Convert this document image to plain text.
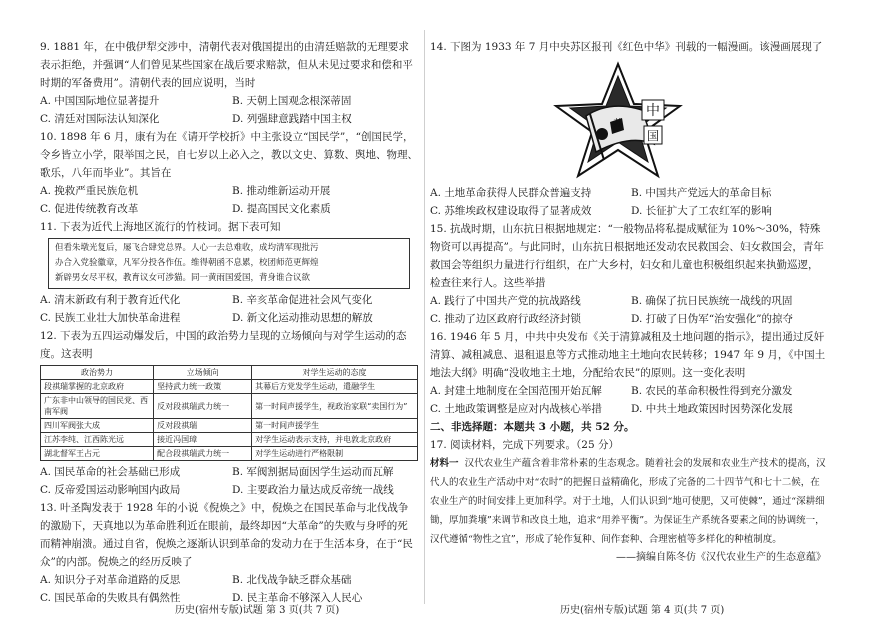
9. 1881 年，在中俄伊犁交涉中，清朝代表对俄国提出的由清廷赔款的无理要求表示拒绝，并强调“人们曾见某些国家在战后要求赔款，但从未见过要求和偿和平时期的军备费用”。清朝代表的回应说明，当时

A. 中国国际地位显著提升	B. 天朝上国观念根深蒂固
C. 清廷对国际法认知深化	D. 列强肆意践踏中国主权

10. 1898 年 6 月，康有为在《请开学校折》中主张设立“国民学”，“创国民学，令乡皆立小学，限举国之民，自七岁以上必入之，教以文史、算数、舆地、物理、歌乐，八年而毕业”。其旨在

A. 挽救严重民族危机	B. 推动维新运动开展
C. 促进传统教育改革	D. 提高国民文化素质

11. 下表为近代上海地区流行的竹枝词。据下表可知

但看朱墩光复后，屡飞合肆党总界。人心一去总难收，成均清军现批污
办合入党验徽章，凡军分投各作伍。维得朝函不息累，校团师范更辉煌
新辟男女尽平权，教育议女可涉猫。同一黄雨国爱国，背身谁合议欲
A. 清末新政有利于教育近代化	B. 辛亥革命促进社会风气变化
C. 民族工业壮大加快革命进程	D. 新文化运动推动思想的解放

12. 下表为五四运动爆发后，中国的政治势力呈现的立场倾向与对学生运动的态度。这表明

政治势力	立场倾向	对学生运动的态度
段祺瑞掌握的北京政府	坚持武力统一政策	其幕后方党发学生运动，遣融学生
广东非中山领导的国民党、西南军阀	反对段祺瑞武力统一	第一时间声援学生，视政治家联“卖国行为”
四川军阀张大成	反对段祺瑞	第一时间声援学生
江苏李纯、江西陈光远	接近冯国璋	对学生运动表示支持，并电敦北京政府
湖北督军王占元	配合段祺瑞武力统一	对学生运动进行严格限制
A. 国民革命的社会基础已形成	B. 军阀割据局面因学生运动而瓦解
C. 反帝爱国运动影响国内政局	D. 主要政治力量达成反帝统一战线

13. 叶圣陶发表于 1928 年的小说《倪焕之》中，倪焕之在国民革命与北伐战争的激励下，天真地以为革命胜利近在眼前，最终却因“大革命”的失败与身呼的死而精神崩溃。通过自省，倪焕之逐渐认识到革命的发动力在于生活本身，在于“民众”的内部。倪焕之的经历反映了

A. 知识分子对革命道路的反思	B. 北伐战争缺乏群众基础
C. 国民革命的失败具有偶然性	D. 民主革命不够深入人民心

14. 下图为 1933 年 7 月中央苏区报刊《红色中华》刊载的一幅漫画。该漫画展现了

中
国
苏
A. 土地革命获得人民群众普遍支持	B. 中国共产党远大的革命目标
C. 苏维埃政权建设取得了显著成效	D. 长征扩大了工农红军的影响

15. 抗战时期，山东抗日根据地规定：“一般物品将私提成赋征为 10%～30%，特殊物资可以再提高”。与此同时，山东抗日根据地还发动农民救国会、妇女救国会，青年救国会等组织力量进行行组织，在广大乡村，妇女和儿童也积极组织起来执勤巡逻，检查往来行人。这些举措

A. 践行了中国共产党的抗战路线	B. 确保了抗日民族统一战线的巩固
C. 推动了边区政府行政经济封锁	D. 打破了日伪军“治安强化”的掠夺

16. 1946 年 5 月，中共中央发布《关于清算减租及土地问题的指示》，提出通过反奸清算、减租减息、退租退息等方式推动地主土地向农民转移；1947 年 9 月，《中国土地法大纲》明确“没收地主土地，分配给农民”的原则。这一变化表明

A. 封建土地制度在全国范围开始瓦解	B. 农民的革命积极性得到充分激发
C. 土地政策调整是应对内战核心举措	D. 中共土地政策因时因势深化发展

二、非选择题：本题共 3 小题，共 52 分。

17. 阅读材料，完成下列要求。（25 分）

材料一 汉代农业生产蕴含着非常朴素的生态观念。随着社会的发展和农业生产技术的提高，汉代人的农业生产活动中对“农时”的把握日益精确化，形成了完备的二十四节气和七十二候，在农业生产的时间安排上更加科学。对于土地，人们认识到“地可使肥，又可使棘”，通过“深耕细锄，厚加粪壤”来调节和改良土地，追求“用养平衡”。为保证生产系统各要素之间的协调统一，汉代遵循“物性之宜”，形成了轮作复种、间作套种、合理密植等多样化的种植制度。

——摘编自陈冬仿《汉代农业生产的生态意蕴》

历史(宿州专版)试题 第 3 页(共 7 页)	历史(宿州专版)试题 第 4 页(共 7 页)
